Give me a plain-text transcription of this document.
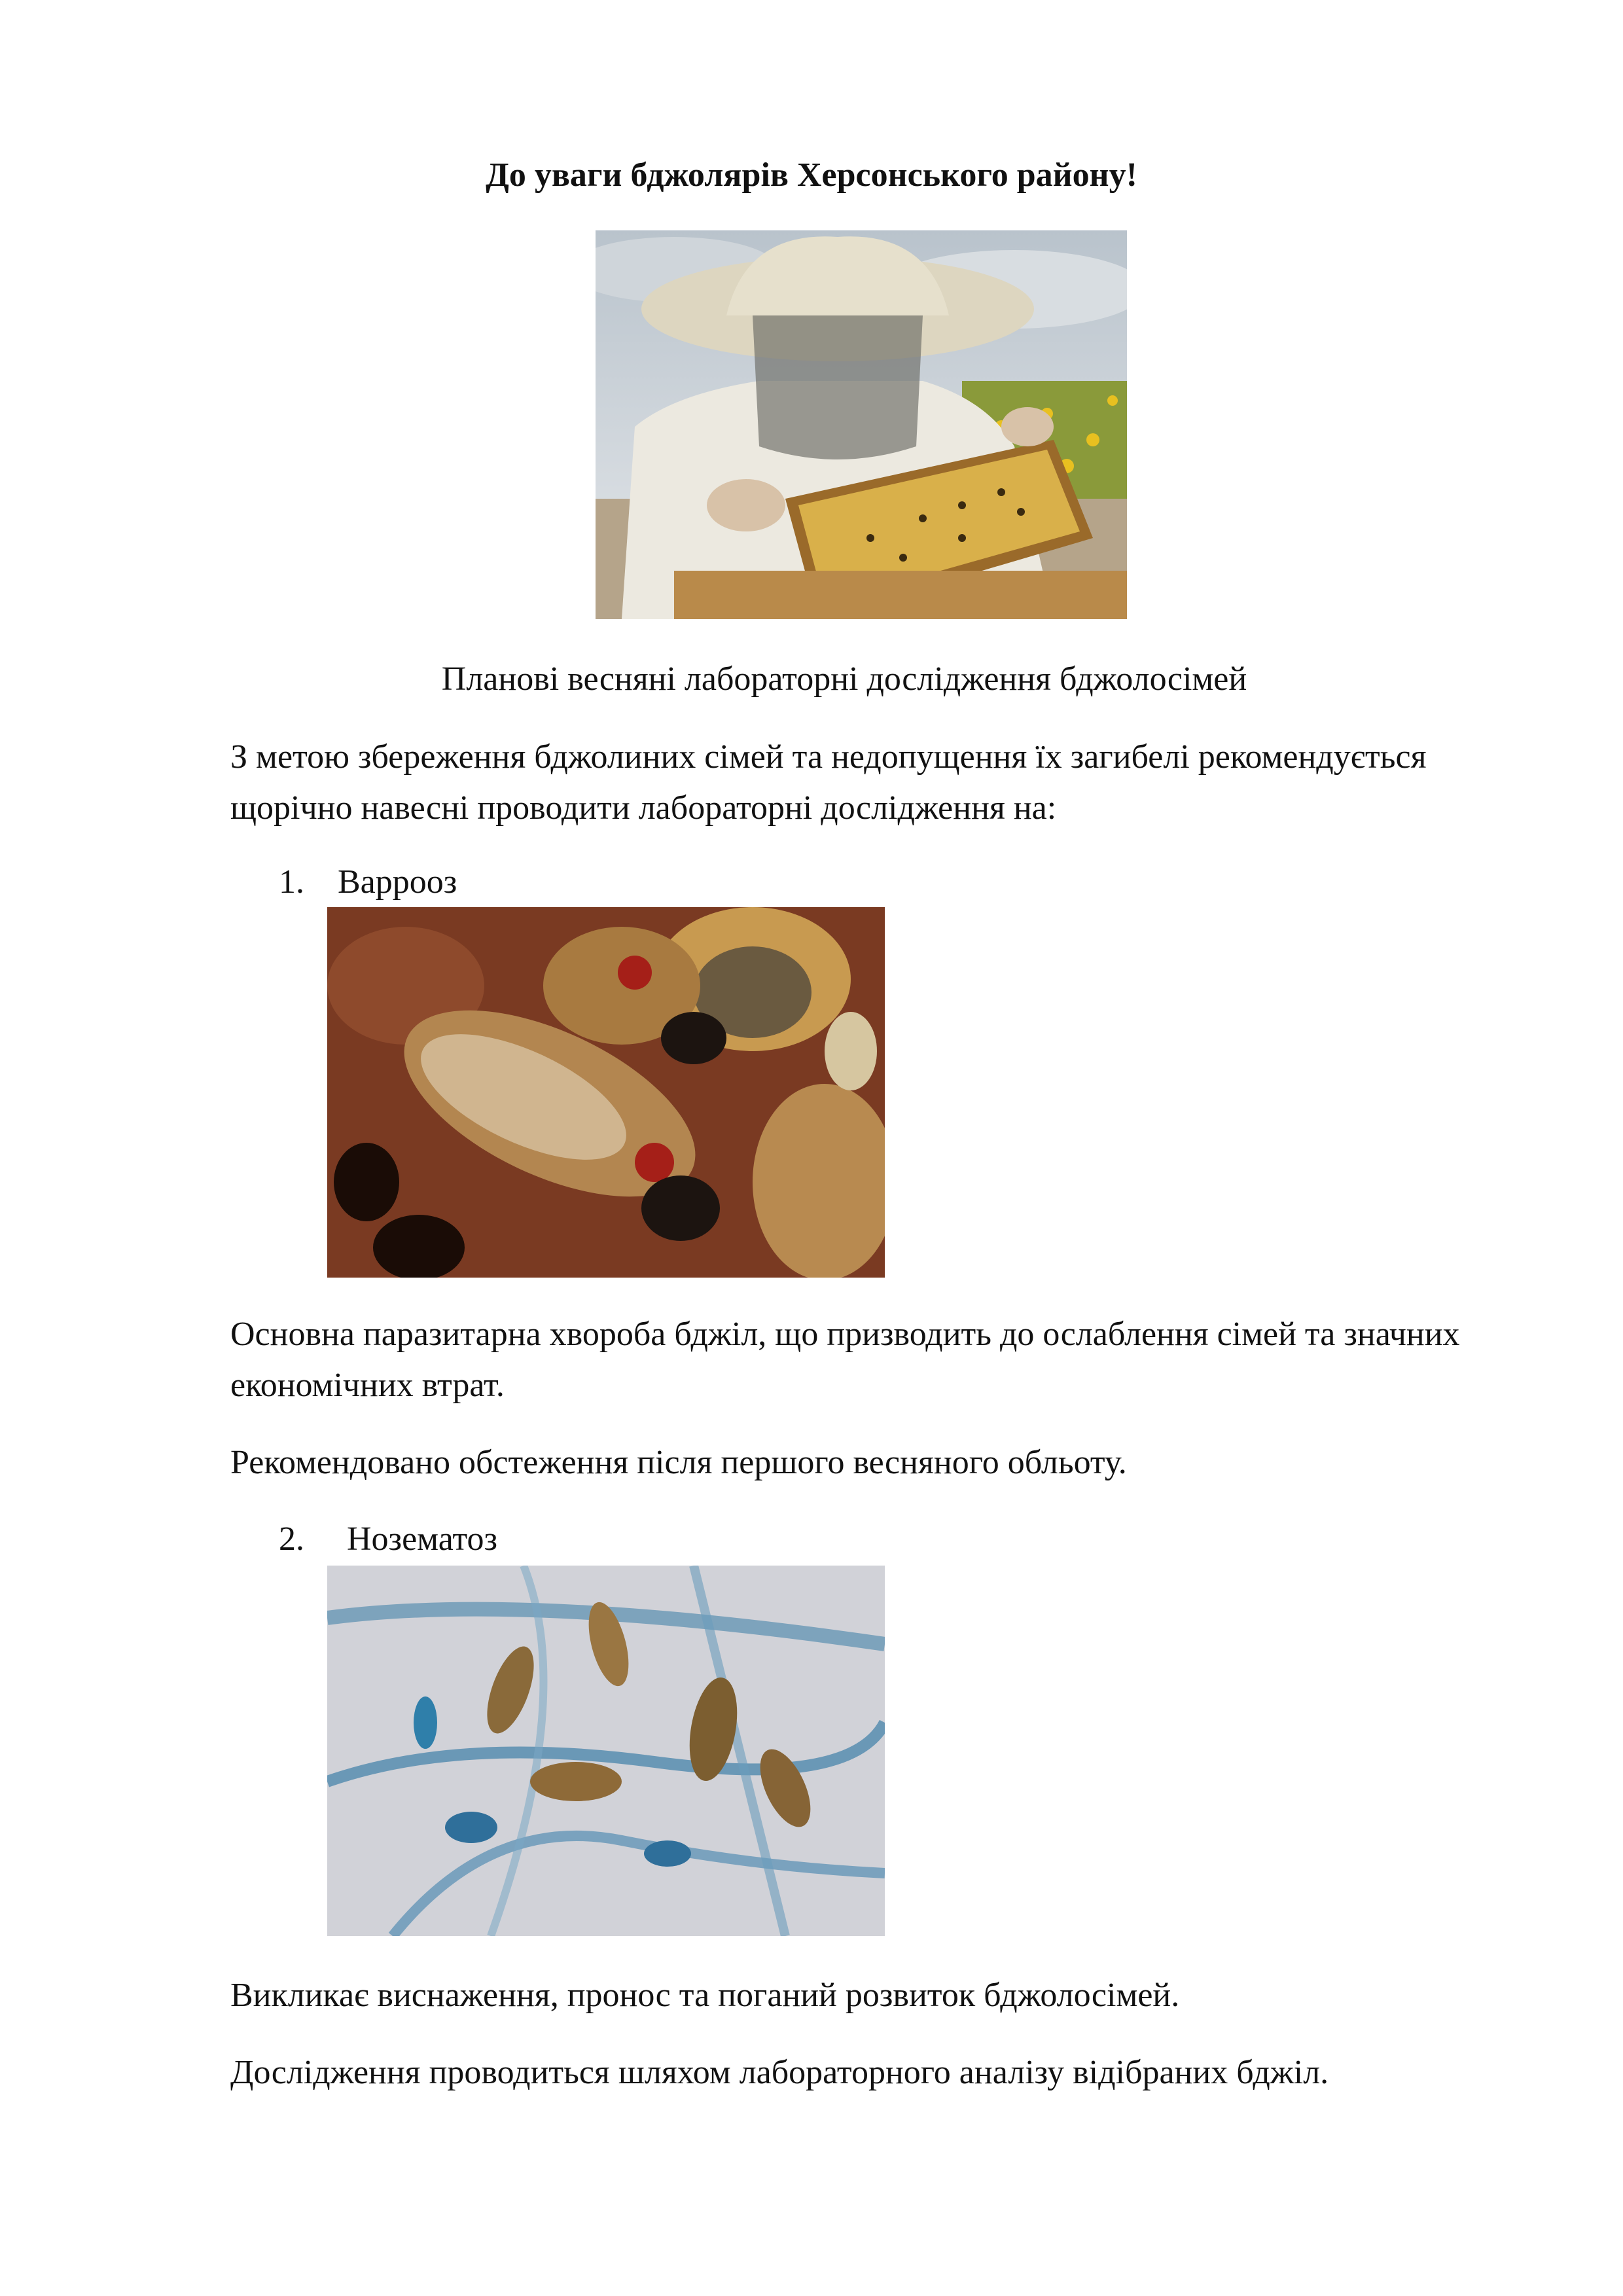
До уваги бджолярів Херсонського району!
Планові весняні лабораторні дослідження бджолосімей
З метою збереження бджолиних сімей та недопущення їх загибелі рекомендується щорічно навесні проводити лабораторні дослідження на:
1. Варрооз
Основна паразитарна хвороба бджіл, що призводить до ослаблення сімей та значних економічних втрат.
Рекомендовано обстеження після першого весняного обльоту.
2. Нозематоз
Викликає виснаження, пронос та поганий розвиток бджолосімей.
Дослідження проводиться шляхом лабораторного аналізу відібраних бджіл.
